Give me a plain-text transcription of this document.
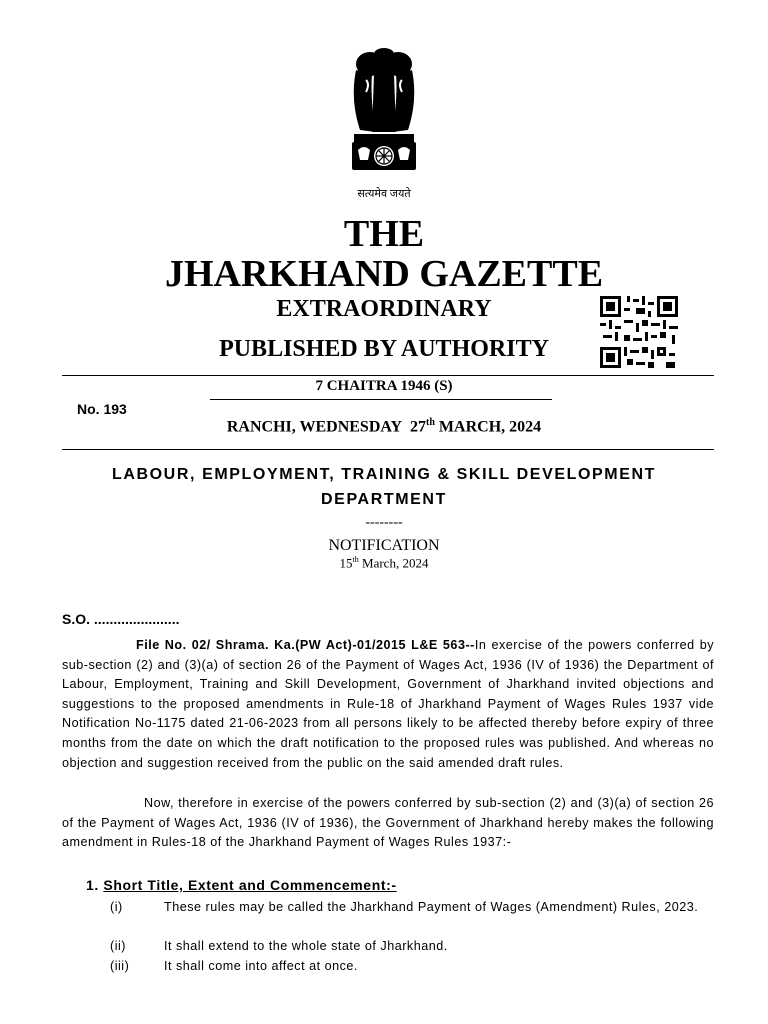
सत्यमेव जयते
THE
JHARKHAND GAZETTE
EXTRAORDINARY
PUBLISHED BY AUTHORITY
7 CHAITRA 1946 (S)
No. 193
RANCHI, WEDNESDAY 27th MARCH, 2024
LABOUR, EMPLOYMENT, TRAINING & SKILL DEVELOPMENT DEPARTMENT
--------
NOTIFICATION
15th March, 2024
S.O. ......................
File No. 02/ Shrama. Ka.(PW Act)-01/2015 L&E 563--In exercise of the powers conferred by sub-section (2) and (3)(a) of section 26 of the Payment of Wages Act, 1936 (IV of 1936) the Department of Labour, Employment, Training and Skill Development, Government of Jharkhand invited objections and suggestions to the proposed amendments in Rule-18 of Jharkhand Payment of Wages Rules 1937 vide Notification No-1175 dated 21-06-2023 from all persons likely to be affected thereby before expiry of three months from the date on which the draft notification to the proposed rules was published. And whereas no objection and suggestion received from the public on the said amended draft rules.
Now, therefore in exercise of the powers conferred by sub-section (2) and (3)(a) of section 26 of the Payment of Wages Act, 1936 (IV of 1936), the Government of Jharkhand hereby makes the following amendment in Rules-18 of the Jharkhand Payment of Wages Rules 1937:-
1. Short Title, Extent and Commencement:-
(i)	These rules may be called the Jharkhand Payment of Wages (Amendment) Rules, 2023.
(ii)	It shall extend to the whole state of Jharkhand.
(iii)	It shall come into affect at once.
